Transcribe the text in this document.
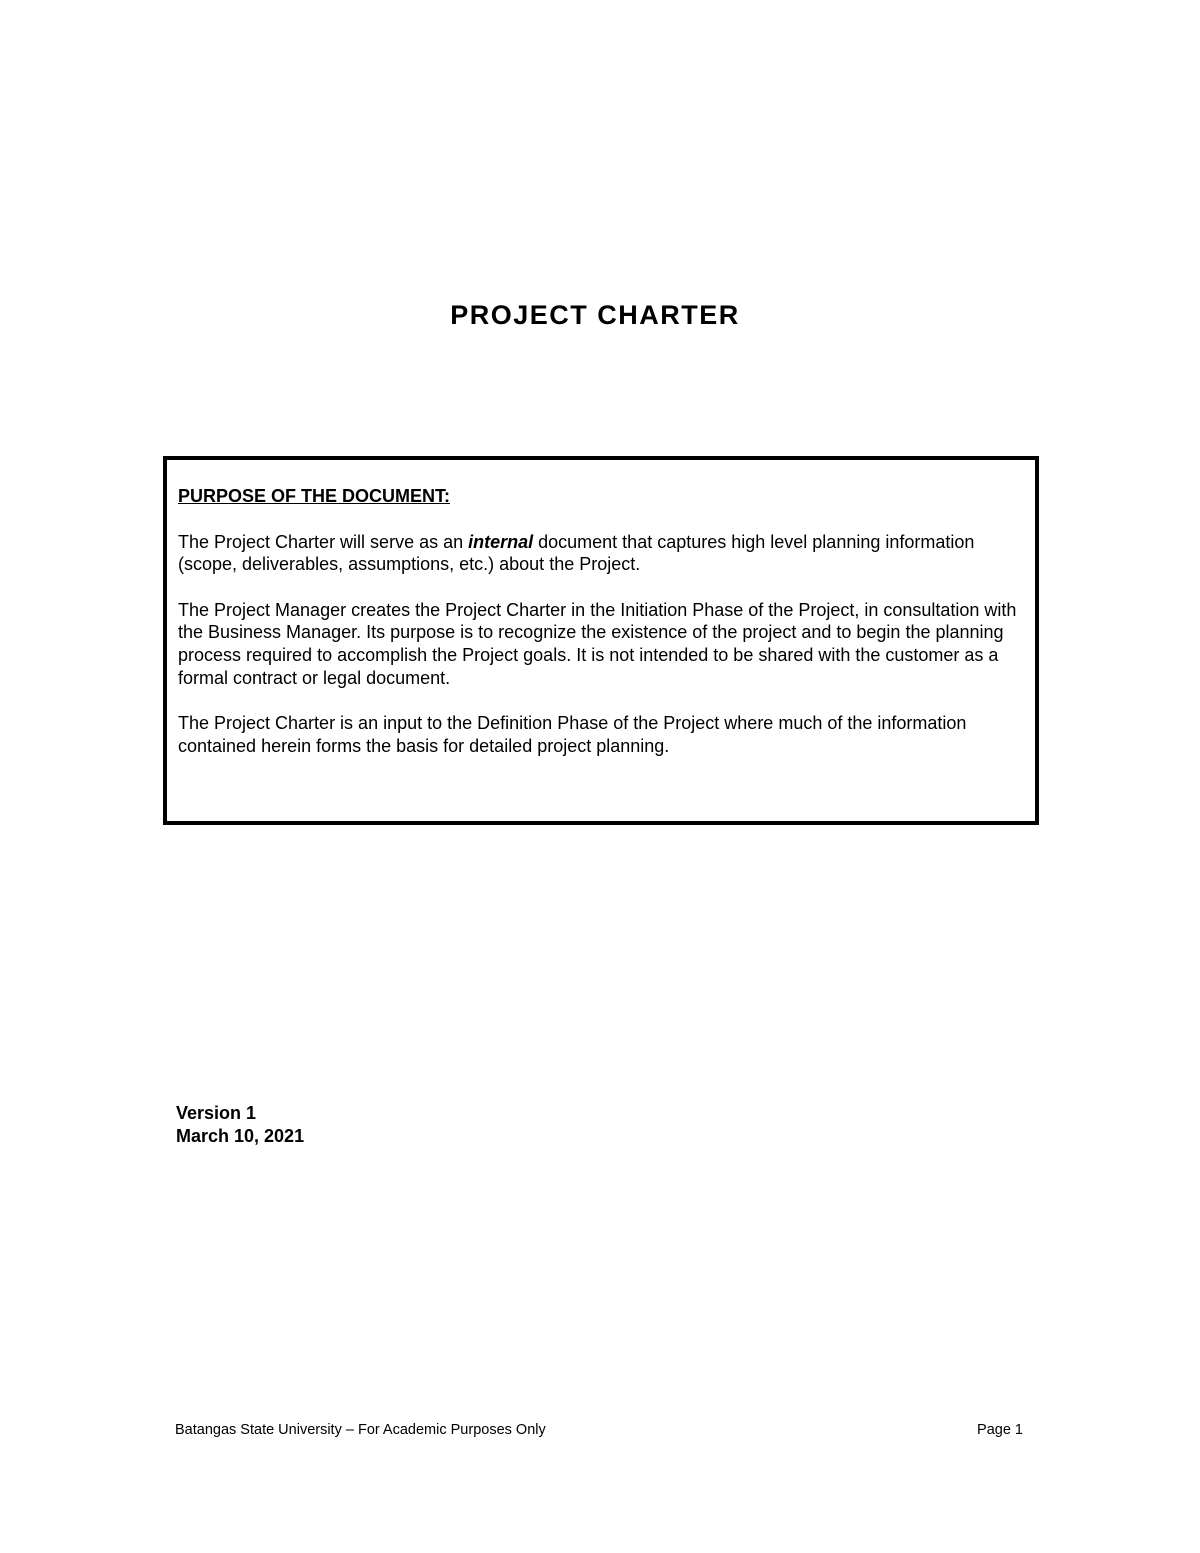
PROJECT CHARTER

PURPOSE OF THE DOCUMENT:

The Project Charter will serve as an internal document that captures high level planning information (scope, deliverables, assumptions, etc.) about the Project.

The Project Manager creates the Project Charter in the Initiation Phase of the Project, in consultation with the Business Manager. Its purpose is to recognize the existence of the project and to begin the planning process required to accomplish the Project goals. It is not intended to be shared with the customer as a formal contract or legal document.

The Project Charter is an input to the Definition Phase of the Project where much of the information contained herein forms the basis for detailed project planning.

Version 1
March 10, 2021
Batangas State University – For Academic Purposes Only	Page 1
